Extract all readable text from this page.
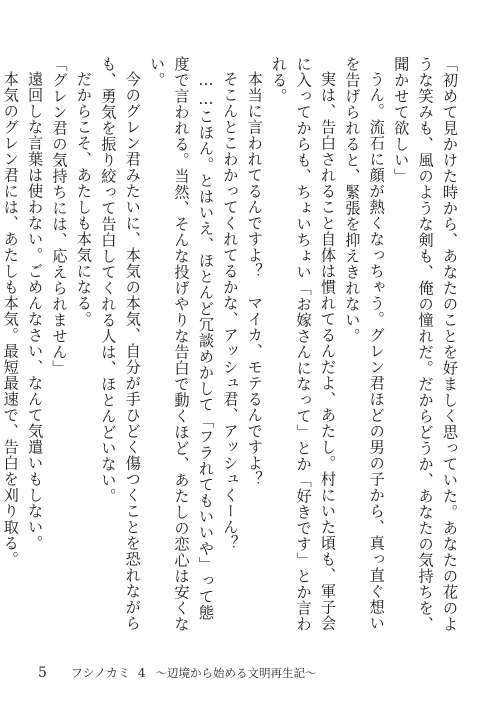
「初めて見かけた時から、あなたのことを好ましく思っていた。あなたの花のような笑みも、風のような剣も、俺の憧れだ。だからどうか、あなたの気持ちを、聞かせて欲しい」

うん。流石に顔が熱くなっちゃう。グレン君ほどの男の子から、真っ直ぐ想いを告げられると、緊張を抑えきれない。

実は、告白されること自体は慣れてるんだよ、あたし。村にいた頃も、軍子会に入ってからも、ちょいちょい「お嫁さんになって」とか「好きです」とか言われる。

本当に言われてるんですよ？　マイカ、モテるんですよ？

そこんとこわかってくれてるかな、アッシュ君、アッシュくーん？

……こほん。とはいえ、ほとんど冗談めかして「フラれてもいいや」って態度で言われる。当然、そんな投げやりな告白で動くほど、あたしの恋心は安くない。

今のグレン君みたいに、本気の本気、自分が手ひどく傷つくことを恐れながらも、勇気を振り絞って告白してくれる人は、ほとんどいない。

だからこそ、あたしも本気になる。

「グレン君の気持ちには、応えられません」

遠回しな言葉は使わない。ごめんなさい、なんて気遣いもしない。

本気のグレン君には、あたしも本気。最短最速で、告白を刈り取る。

5 フシノカミ 4 ～辺境から始める文明再生記～
